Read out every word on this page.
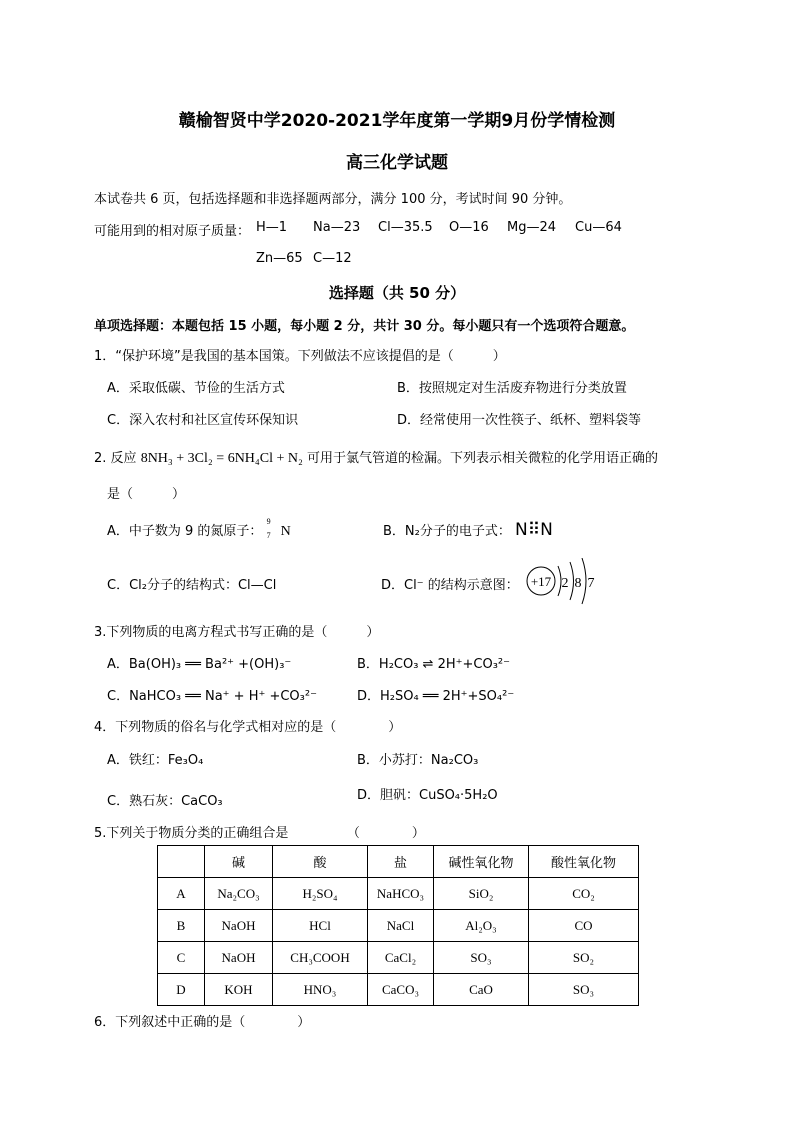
赣榆智贤中学2020-2021学年度第一学期9月份学情检测
高三化学试题
本试卷共 6 页，包括选择题和非选择题两部分，满分 100 分，考试时间 90 分钟。
可能用到的相对原子质量： H—1 Na—23 Cl—35.5 O—16 Mg—24 Cu—64
Zn—65 C—12
选择题（共 50 分）
单项选择题：本题包括 15 小题，每小题 2 分，共计 30 分。每小题只有一个选项符合题意。
1．“保护环境”是我国的基本国策。下列做法不应该提倡的是（　　　）
A．采取低碳、节俭的生活方式	B．按照规定对生活废弃物进行分类放置
C．深入农村和社区宣传环保知识	D．经常使用一次性筷子、纸杯、塑料袋等
2. 反应 8NH₃ + 3Cl₂ = 6NH₄Cl + N₂ 可用于氯气管道的检漏。下列表示相关微粒的化学用语正确的
是（　　　）
A．中子数为 9 的氮原子：
9
7 N	B．N₂分子的电子式： N⠿N
C．Cl₂分子的结构式：Cl—Cl	D．Cl⁻ 的结构示意图： +17 2 8 7
3.下列物质的电离方程式书写正确的是（　　　）
A．Ba(OH)₃ ══ Ba²⁺ +(OH)₃⁻	B．H₂CO₃ ⇌ 2H⁺+CO₃²⁻
C．NaHCO₃ ══ Na⁺ + H⁺ +CO₃²⁻	D．H₂SO₄ ══ 2H⁺+SO₄²⁻
4．下列物质的俗名与化学式相对应的是（　　　　）
A．铁红：Fe₃O₄	B．小苏打：Na₂CO₃
C．熟石灰：CaCO₃	D．胆矾：CuSO₄·5H₂O
5.下列关于物质分类的正确组合是　　　　　（　　　　）
	碱	酸	盐	碱性氧化物	酸性氧化物
A	Na₂CO₃	H₂SO₄	NaHCO₃	SiO₂	CO₂
B	NaOH	HCl	NaCl	Al₂O₃	CO
C	NaOH	CH₃COOH	CaCl₂	SO₃	SO₂
D	KOH	HNO₃	CaCO₃	CaO	SO₃
6．下列叙述中正确的是（　　　　）
